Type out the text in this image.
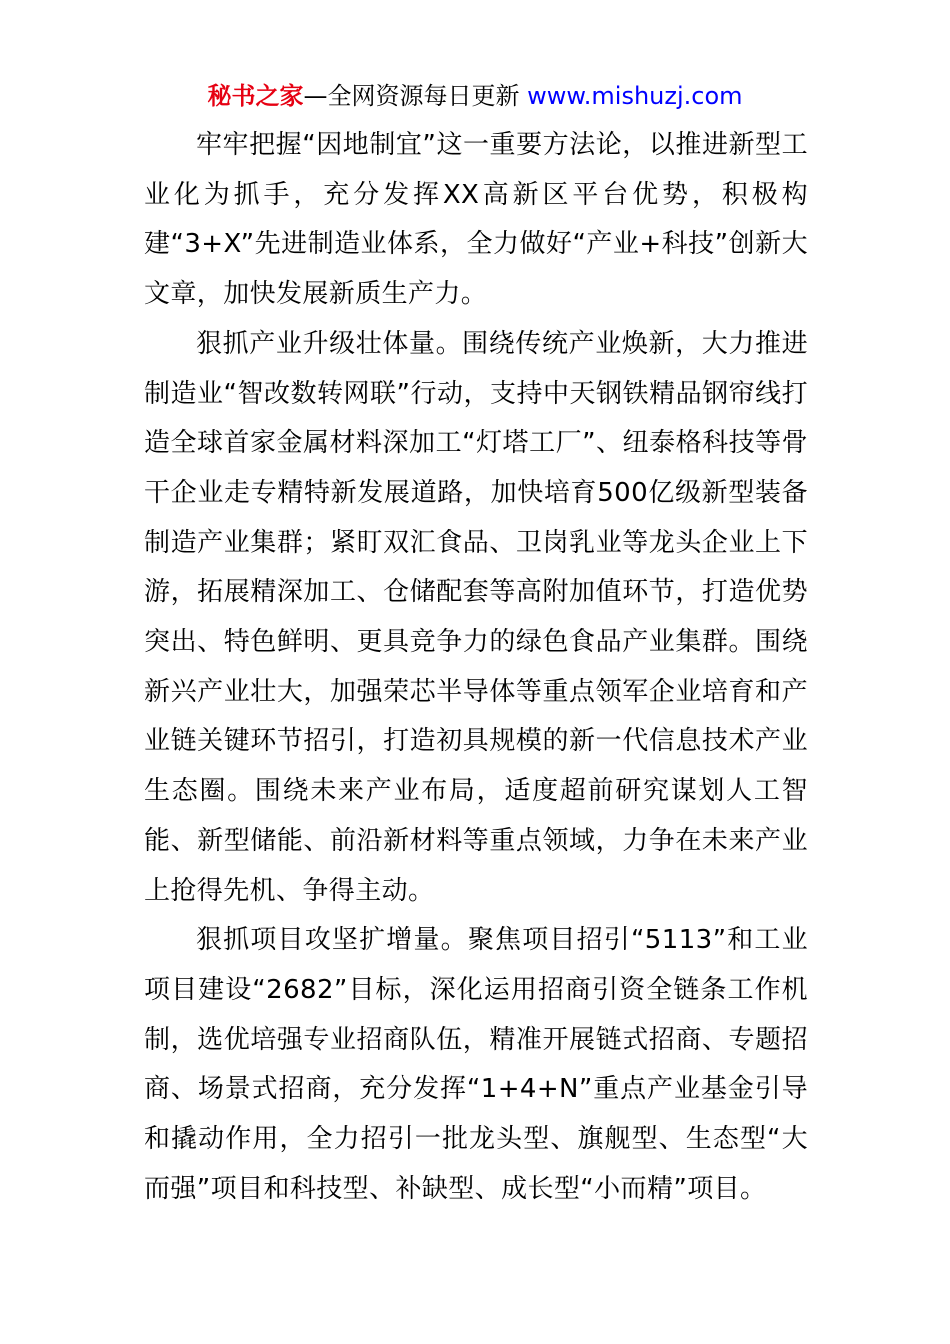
秘书之家—全网资源每日更新 www.mishuzj.com

牢牢把握“因地制宜”这一重要方法论，以推进新型工业化为抓手，充分发挥XX高新区平台优势，积极构建“3+X”先进制造业体系，全力做好“产业+科技”创新大文章，加快发展新质生产力。

狠抓产业升级壮体量。围绕传统产业焕新，大力推进制造业“智改数转网联”行动，支持中天钢铁精品钢帘线打造全球首家金属材料深加工“灯塔工厂”、纽泰格科技等骨干企业走专精特新发展道路，加快培育500亿级新型装备制造产业集群；紧盯双汇食品、卫岗乳业等龙头企业上下游，拓展精深加工、仓储配套等高附加值环节，打造优势突出、特色鲜明、更具竞争力的绿色食品产业集群。围绕新兴产业壮大，加强荣芯半导体等重点领军企业培育和产业链关键环节招引，打造初具规模的新一代信息技术产业生态圈。围绕未来产业布局，适度超前研究谋划人工智能、新型储能、前沿新材料等重点领域，力争在未来产业上抢得先机、争得主动。

狠抓项目攻坚扩增量。聚焦项目招引“5113”和工业项目建设“2682”目标，深化运用招商引资全链条工作机制，选优培强专业招商队伍，精准开展链式招商、专题招商、场景式招商，充分发挥“1+4+N”重点产业基金引导和撬动作用，全力招引一批龙头型、旗舰型、生态型“大而强”项目和科技型、补缺型、成长型“小而精”项目。
